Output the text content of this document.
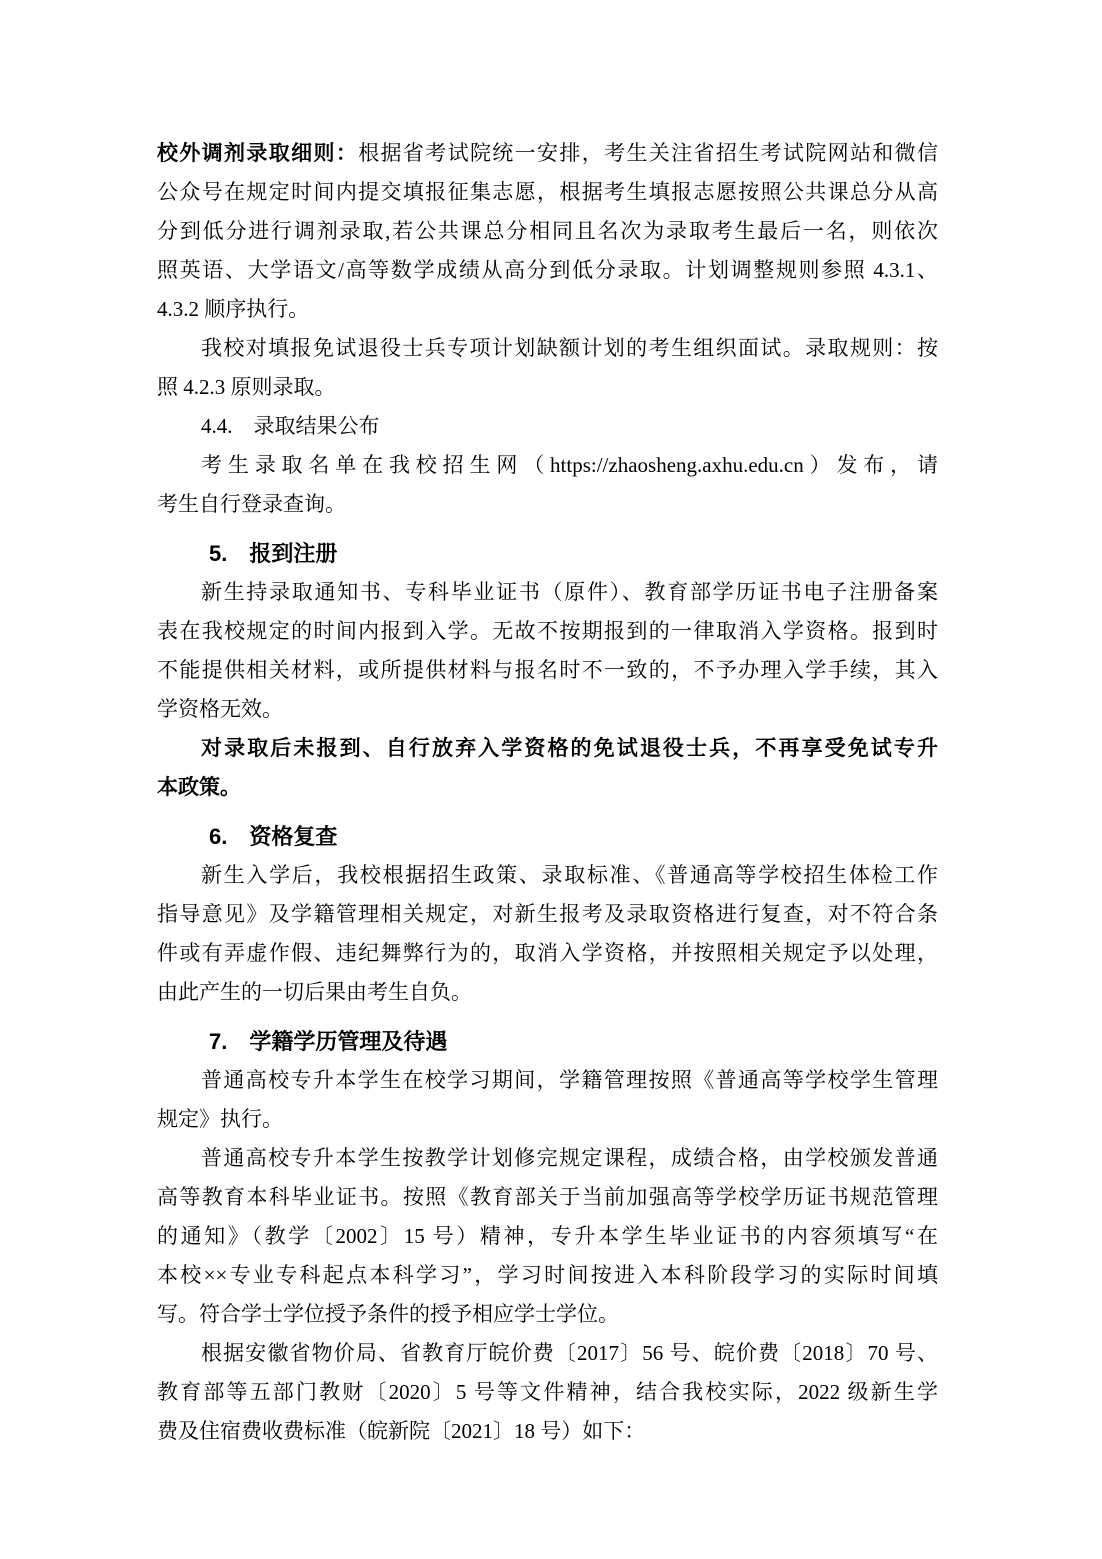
校外调剂录取细则：根据省考试院统一安排，考生关注省招生考试院网站和微信
公众号在规定时间内提交填报征集志愿，根据考生填报志愿按照公共课总分从高
分到低分进行调剂录取,若公共课总分相同且名次为录取考生最后一名，则依次
照英语、大学语文/高等数学成绩从高分到低分录取。计划调整规则参照 4.3.1、
4.3.2 顺序执行。
我校对填报免试退役士兵专项计划缺额计划的考生组织面试。录取规则：按
照 4.2.3 原则录取。
4.4.　录取结果公布
考生录取名单在我校招生网（https://zhaosheng.axhu.edu.cn）发布，请
考生自行登录查询。
5.　报到注册
新生持录取通知书、专科毕业证书（原件）、教育部学历证书电子注册备案
表在我校规定的时间内报到入学。无故不按期报到的一律取消入学资格。报到时
不能提供相关材料，或所提供材料与报名时不一致的，不予办理入学手续，其入
学资格无效。
对录取后未报到、自行放弃入学资格的免试退役士兵，不再享受免试专升
本政策。
6.　资格复查
新生入学后，我校根据招生政策、录取标准、《普通高等学校招生体检工作
指导意见》及学籍管理相关规定，对新生报考及录取资格进行复查，对不符合条
件或有弄虚作假、违纪舞弊行为的，取消入学资格，并按照相关规定予以处理，
由此产生的一切后果由考生自负。
7.　学籍学历管理及待遇
普通高校专升本学生在校学习期间，学籍管理按照《普通高等学校学生管理
规定》执行。
普通高校专升本学生按教学计划修完规定课程，成绩合格，由学校颁发普通
高等教育本科毕业证书。按照《教育部关于当前加强高等学校学历证书规范管理
的通知》（教学〔2002〕15 号）精神，专升本学生毕业证书的内容须填写“在
本校××专业专科起点本科学习”，学习时间按进入本科阶段学习的实际时间填
写。符合学士学位授予条件的授予相应学士学位。
根据安徽省物价局、省教育厅皖价费〔2017〕56 号、皖价费〔2018〕70 号、
教育部等五部门教财〔2020〕5 号等文件精神，结合我校实际，2022 级新生学
费及住宿费收费标准（皖新院〔2021〕18 号）如下：
